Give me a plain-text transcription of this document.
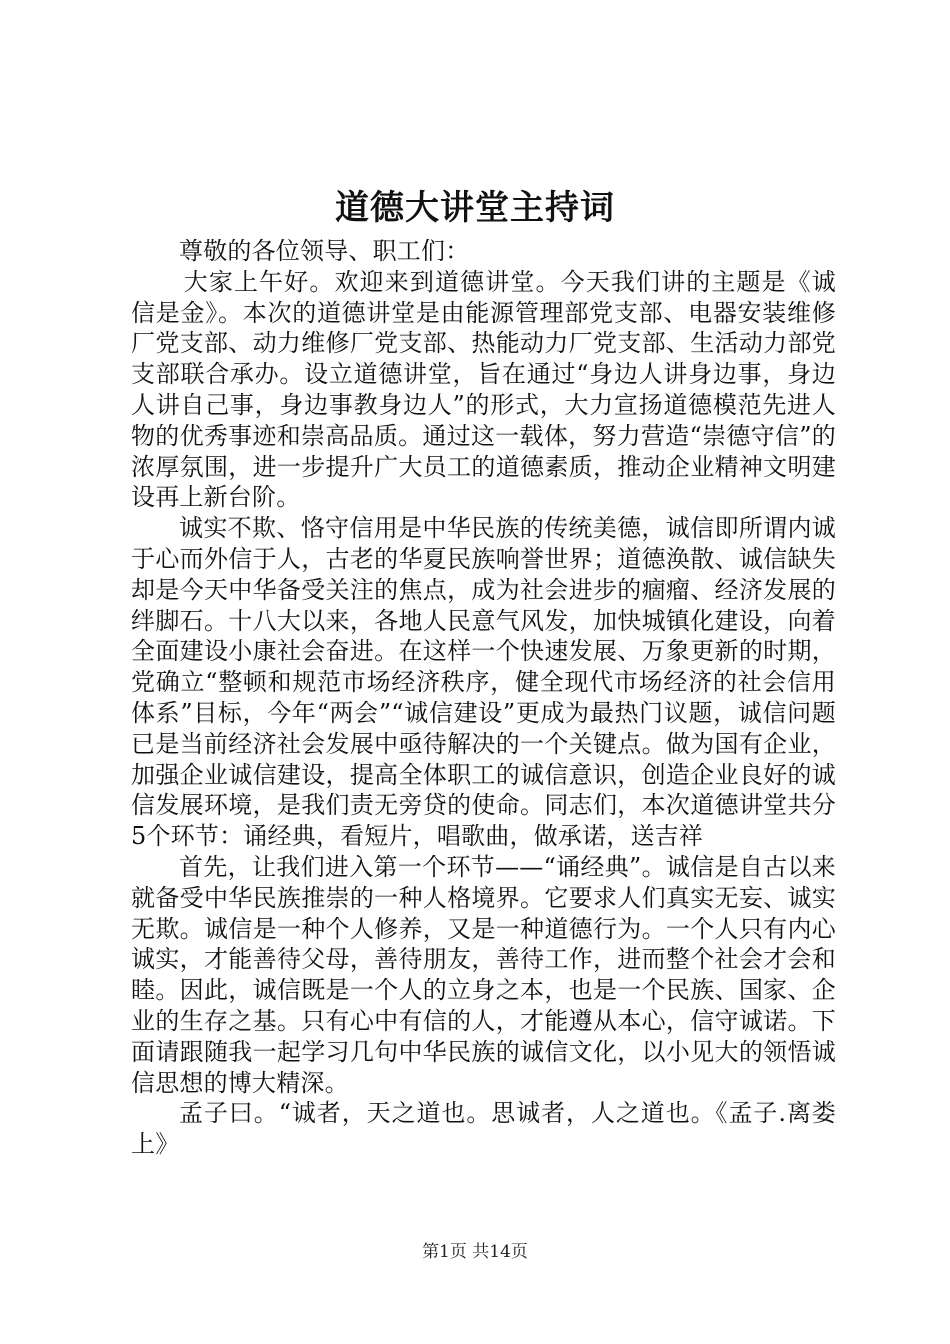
道德大讲堂主持词

尊敬的各位领导、职工们：

大家上午好。欢迎来到道德讲堂。今天我们讲的主题是《诚信是金》。本次的道德讲堂是由能源管理部党支部、电器安装维修厂党支部、动力维修厂党支部、热能动力厂党支部、生活动力部党支部联合承办。设立道德讲堂，旨在通过“身边人讲身边事，身边人讲自己事，身边事教身边人”的形式，大力宣扬道德模范先进人物的优秀事迹和崇高品质。通过这一载体，努力营造“崇德守信”的浓厚氛围，进一步提升广大员工的道德素质，推动企业精神文明建设再上新台阶。

诚实不欺、恪守信用是中华民族的传统美德，诚信即所谓内诚于心而外信于人，古老的华夏民族响誉世界；道德涣散、诚信缺失却是今天中华备受关注的焦点，成为社会进步的痼瘤、经济发展的绊脚石。十八大以来，各地人民意气风发，加快城镇化建设，向着全面建设小康社会奋进。在这样一个快速发展、万象更新的时期，党确立“整顿和规范市场经济秩序，健全现代市场经济的社会信用体系”目标，今年“两会”“诚信建设”更成为最热门议题，诚信问题已是当前经济社会发展中亟待解决的一个关键点。做为国有企业，加强企业诚信建设，提高全体职工的诚信意识，创造企业良好的诚信发展环境，是我们责无旁贷的使命。同志们，本次道德讲堂共分5个环节：诵经典，看短片，唱歌曲，做承诺，送吉祥

首先，让我们进入第一个环节——“诵经典”。诚信是自古以来就备受中华民族推崇的一种人格境界。它要求人们真实无妄、诚实无欺。诚信是一种个人修养，又是一种道德行为。一个人只有内心诚实，才能善待父母，善待朋友，善待工作，进而整个社会才会和睦。因此，诚信既是一个人的立身之本，也是一个民族、国家、企业的生存之基。只有心中有信的人，才能遵从本心，信守诚诺。下面请跟随我一起学习几句中华民族的诚信文化，以小见大的领悟诚信思想的博大精深。

孟子曰。“诚者，天之道也。思诚者，人之道也。《孟子.离娄上》

第1页 共14页
